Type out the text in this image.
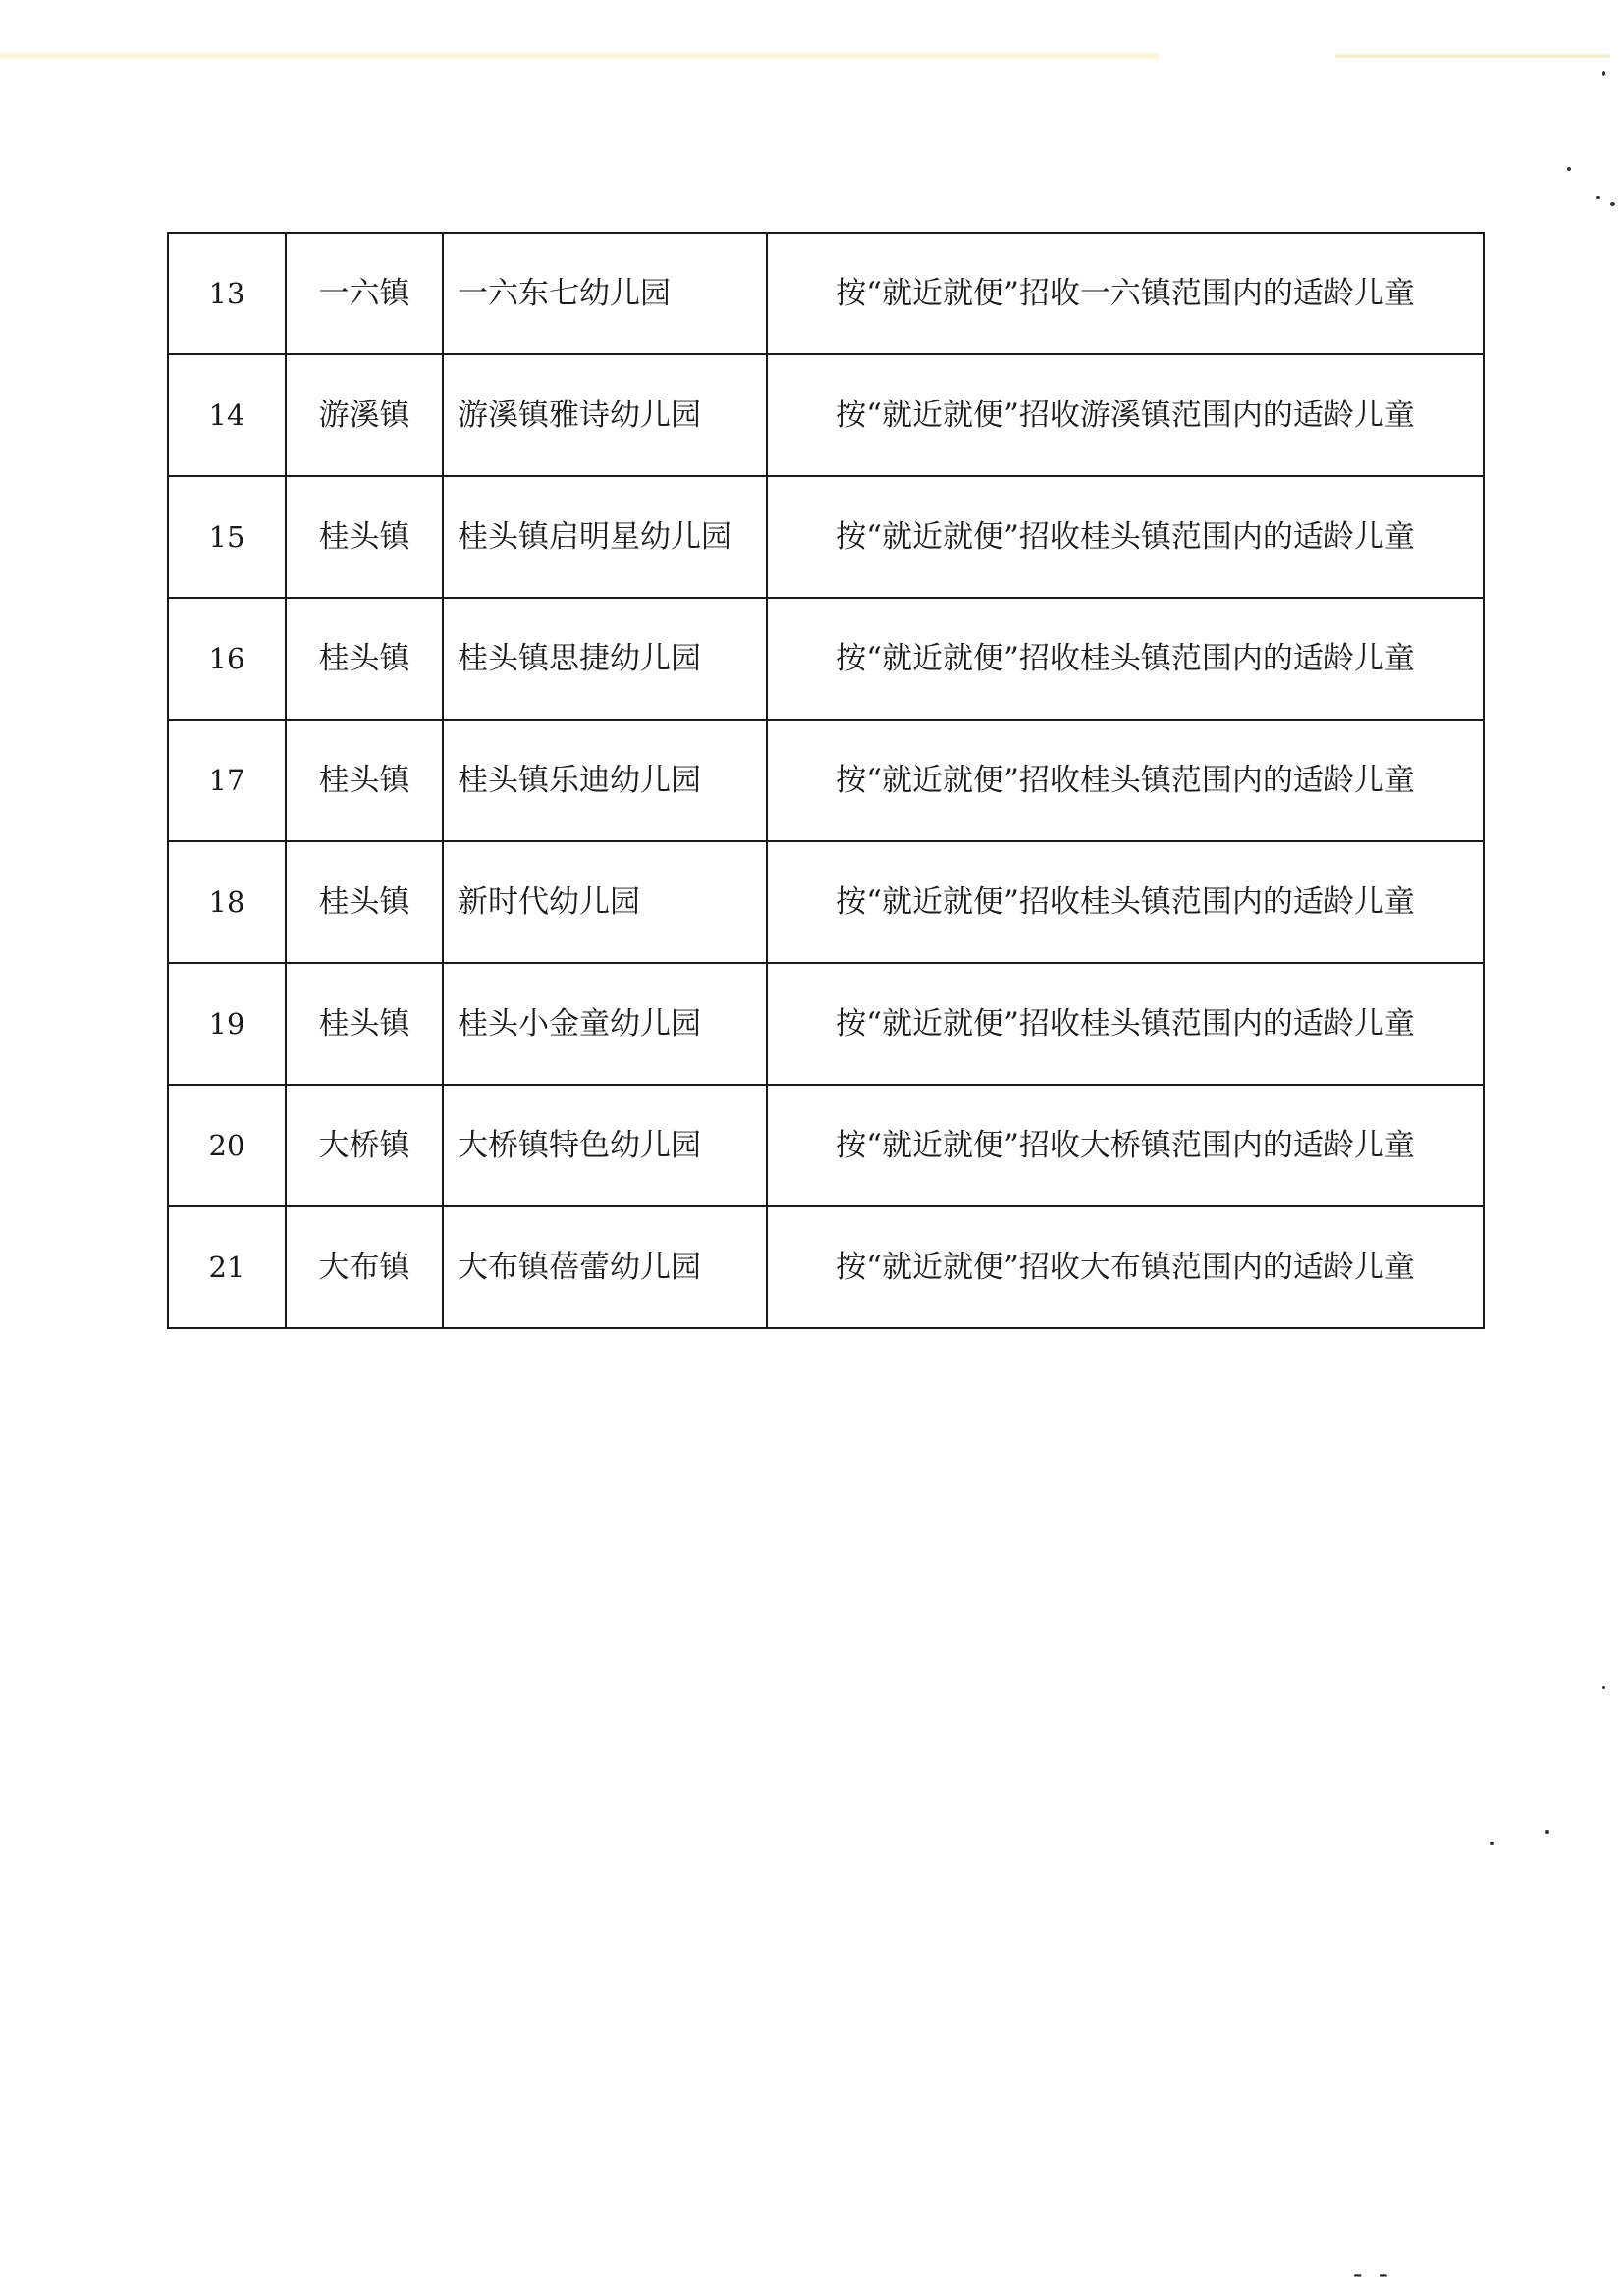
13	一六镇	一六东七幼儿园	按“就近就便”招收一六镇范围内的适龄儿童
14	游溪镇	游溪镇雅诗幼儿园	按“就近就便”招收游溪镇范围内的适龄儿童
15	桂头镇	桂头镇启明星幼儿园	按“就近就便”招收桂头镇范围内的适龄儿童
16	桂头镇	桂头镇思捷幼儿园	按“就近就便”招收桂头镇范围内的适龄儿童
17	桂头镇	桂头镇乐迪幼儿园	按“就近就便”招收桂头镇范围内的适龄儿童
18	桂头镇	新时代幼儿园	按“就近就便”招收桂头镇范围内的适龄儿童
19	桂头镇	桂头小金童幼儿园	按“就近就便”招收桂头镇范围内的适龄儿童
20	大桥镇	大桥镇特色幼儿园	按“就近就便”招收大桥镇范围内的适龄儿童
21	大布镇	大布镇蓓蕾幼儿园	按“就近就便”招收大布镇范围内的适龄儿童
- -
